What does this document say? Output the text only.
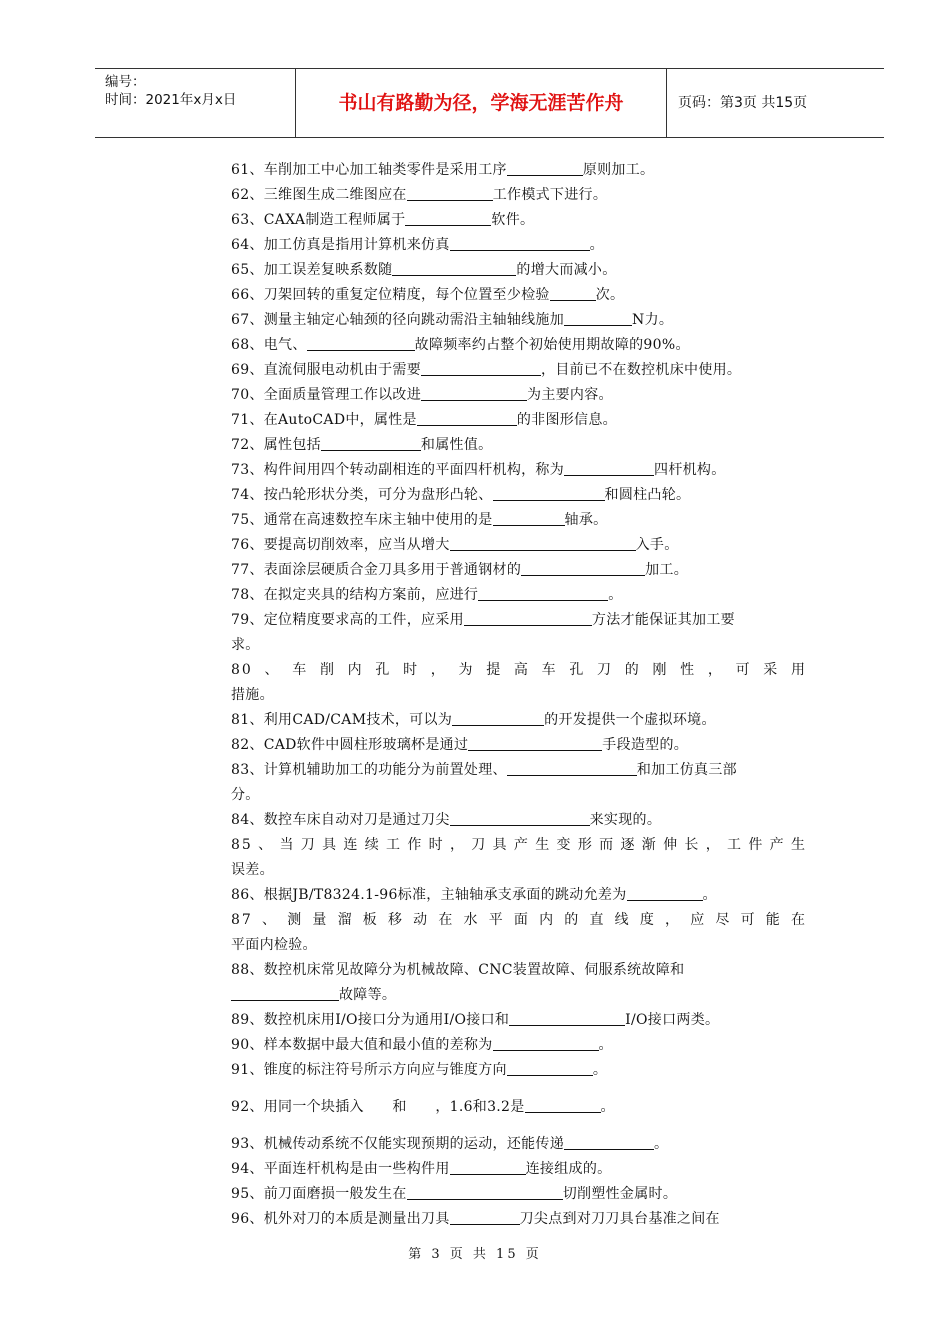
编号：
时间：2021年x月x日	书山有路勤为径，学海无涯苦作舟	页码：第3页 共15页
61、车削加工中心加工轴类零件是采用工序	原则加工。
62、三维图生成二维图应在	工作模式下进行。
63、CAXA制造工程师属于	软件。
64、加工仿真是指用计算机来仿真	。
65、加工误差复映系数随	的增大而减小。
66、刀架回转的重复定位精度，每个位置至少检验	次。
67、测量主轴定心轴颈的径向跳动需沿主轴轴线施加	N力。
68、电气、	故障频率约占整个初始使用期故障的90%。
69、直流伺服电动机由于需要	，目前已不在数控机床中使用。
70、全面质量管理工作以改进	为主要内容。
71、在AutoCAD中，属性是	的非图形信息。
72、属性包括	和属性值。
73、构件间用四个转动副相连的平面四杆机构，称为	四杆机构。
74、按凸轮形状分类，可分为盘形凸轮、	和圆柱凸轮。
75、通常在高速数控车床主轴中使用的是	轴承。
76、要提高切削效率，应当从增大	入手。
77、表面涂层硬质合金刀具多用于普通钢材的	加工。
78、在拟定夹具的结构方案前，应进行	。
79、定位精度要求高的工件，应采用	方法才能保证其加工要
求。
80、车削内孔时，为提高车孔刀的刚性，可采用
措施。
81、利用CAD/CAM技术，可以为	的开发提供一个虚拟环境。
82、CAD软件中圆柱形玻璃杯是通过	手段造型的。
83、计算机辅助加工的功能分为前置处理、	和加工仿真三部
分。
84、数控车床自动对刀是通过刀尖	来实现的。
85、当刀具连续工作时，刀具产生变形而逐渐伸长，工件产生
误差。
86、根据JB/T8324.1-96标准，主轴轴承支承面的跳动允差为	。
87、测量溜板移动在水平面内的直线度，应尽可能在
平面内检验。
88、数控机床常见故障分为机械故障、CNC装置故障、伺服系统故障和
故障等。
89、数控机床用I/O接口分为通用I/O接口和	I/O接口两类。
90、样本数据中最大值和最小值的差称为	。
91、锥度的标注符号所示方向应与锥度方向	。
92、用同一个块插入　　和　　，1.6和3.2是	。
93、机械传动系统不仅能实现预期的运动，还能传递	。
94、平面连杆机构是由一些构件用	连接组成的。
95、前刀面磨损一般发生在	切削塑性金属时。
96、机外对刀的本质是测量出刀具	刀尖点到对刀刀具台基准之间在
第 3 页 共 15 页
